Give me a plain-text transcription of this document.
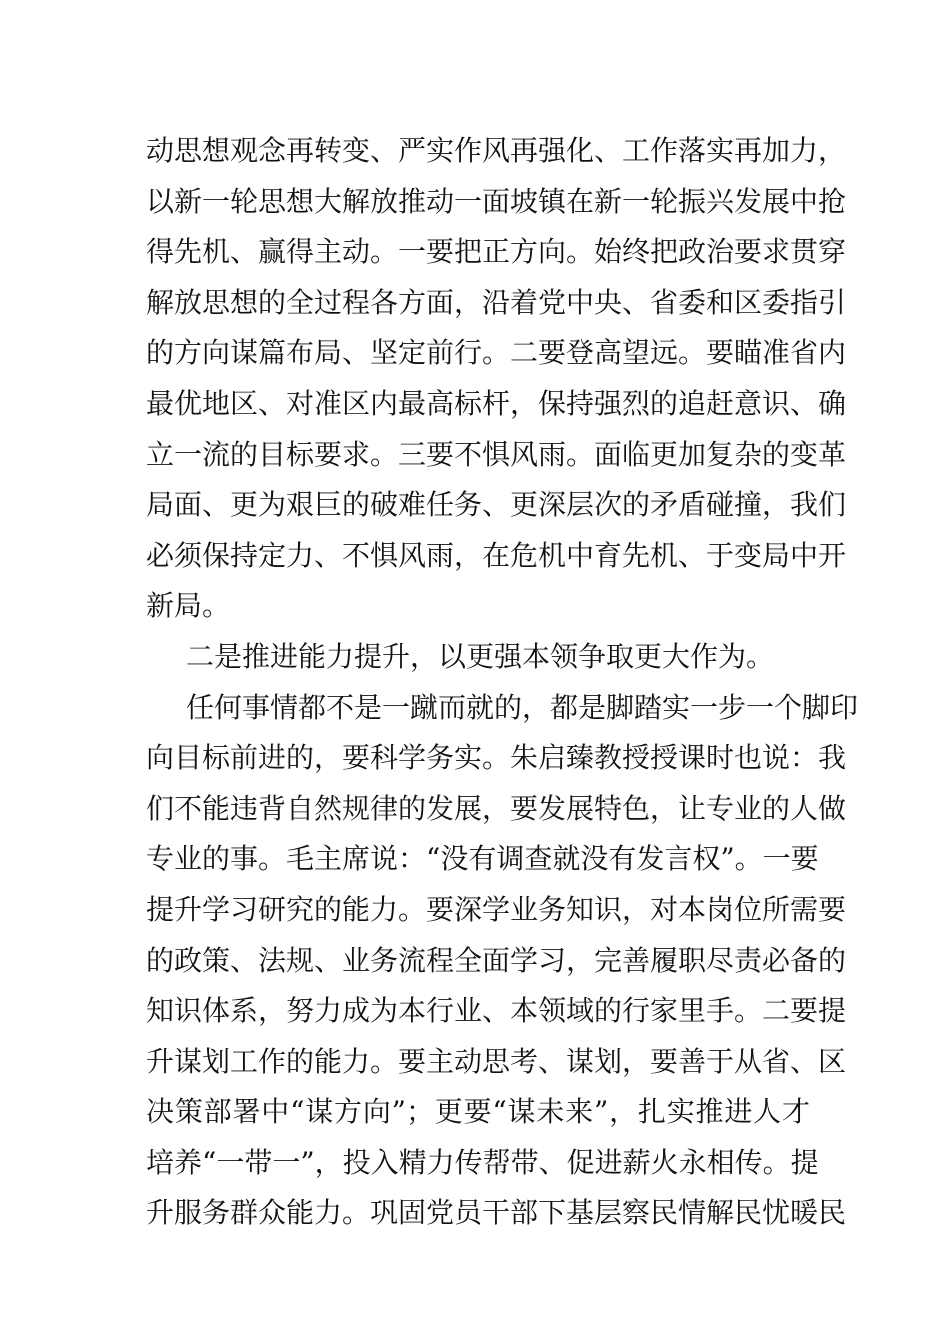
动思想观念再转变、严实作风再强化、工作落实再加力，
以新一轮思想大解放推动一面坡镇在新一轮振兴发展中抢
得先机、赢得主动。一要把正方向。始终把政治要求贯穿
解放思想的全过程各方面，沿着党中央、省委和区委指引
的方向谋篇布局、坚定前行。二要登高望远。要瞄准省内
最优地区、对准区内最高标杆，保持强烈的追赶意识、确
立一流的目标要求。三要不惧风雨。面临更加复杂的变革
局面、更为艰巨的破难任务、更深层次的矛盾碰撞，我们
必须保持定力、不惧风雨，在危机中育先机、于变局中开
新局。
二是推进能力提升，以更强本领争取更大作为。
任何事情都不是一蹴而就的，都是脚踏实一步一个脚印
向目标前进的，要科学务实。朱启臻教授授课时也说：我
们不能违背自然规律的发展，要发展特色，让专业的人做
专业的事。毛主席说：“没有调查就没有发言权”。一要
提升学习研究的能力。要深学业务知识，对本岗位所需要
的政策、法规、业务流程全面学习，完善履职尽责必备的
知识体系，努力成为本行业、本领域的行家里手。二要提
升谋划工作的能力。要主动思考、谋划，要善于从省、区
决策部署中“谋方向”；更要“谋未来”，扎实推进人才
培养“一带一”，投入精力传帮带、促进薪火永相传。提
升服务群众能力。巩固党员干部下基层察民情解民忧暖民
